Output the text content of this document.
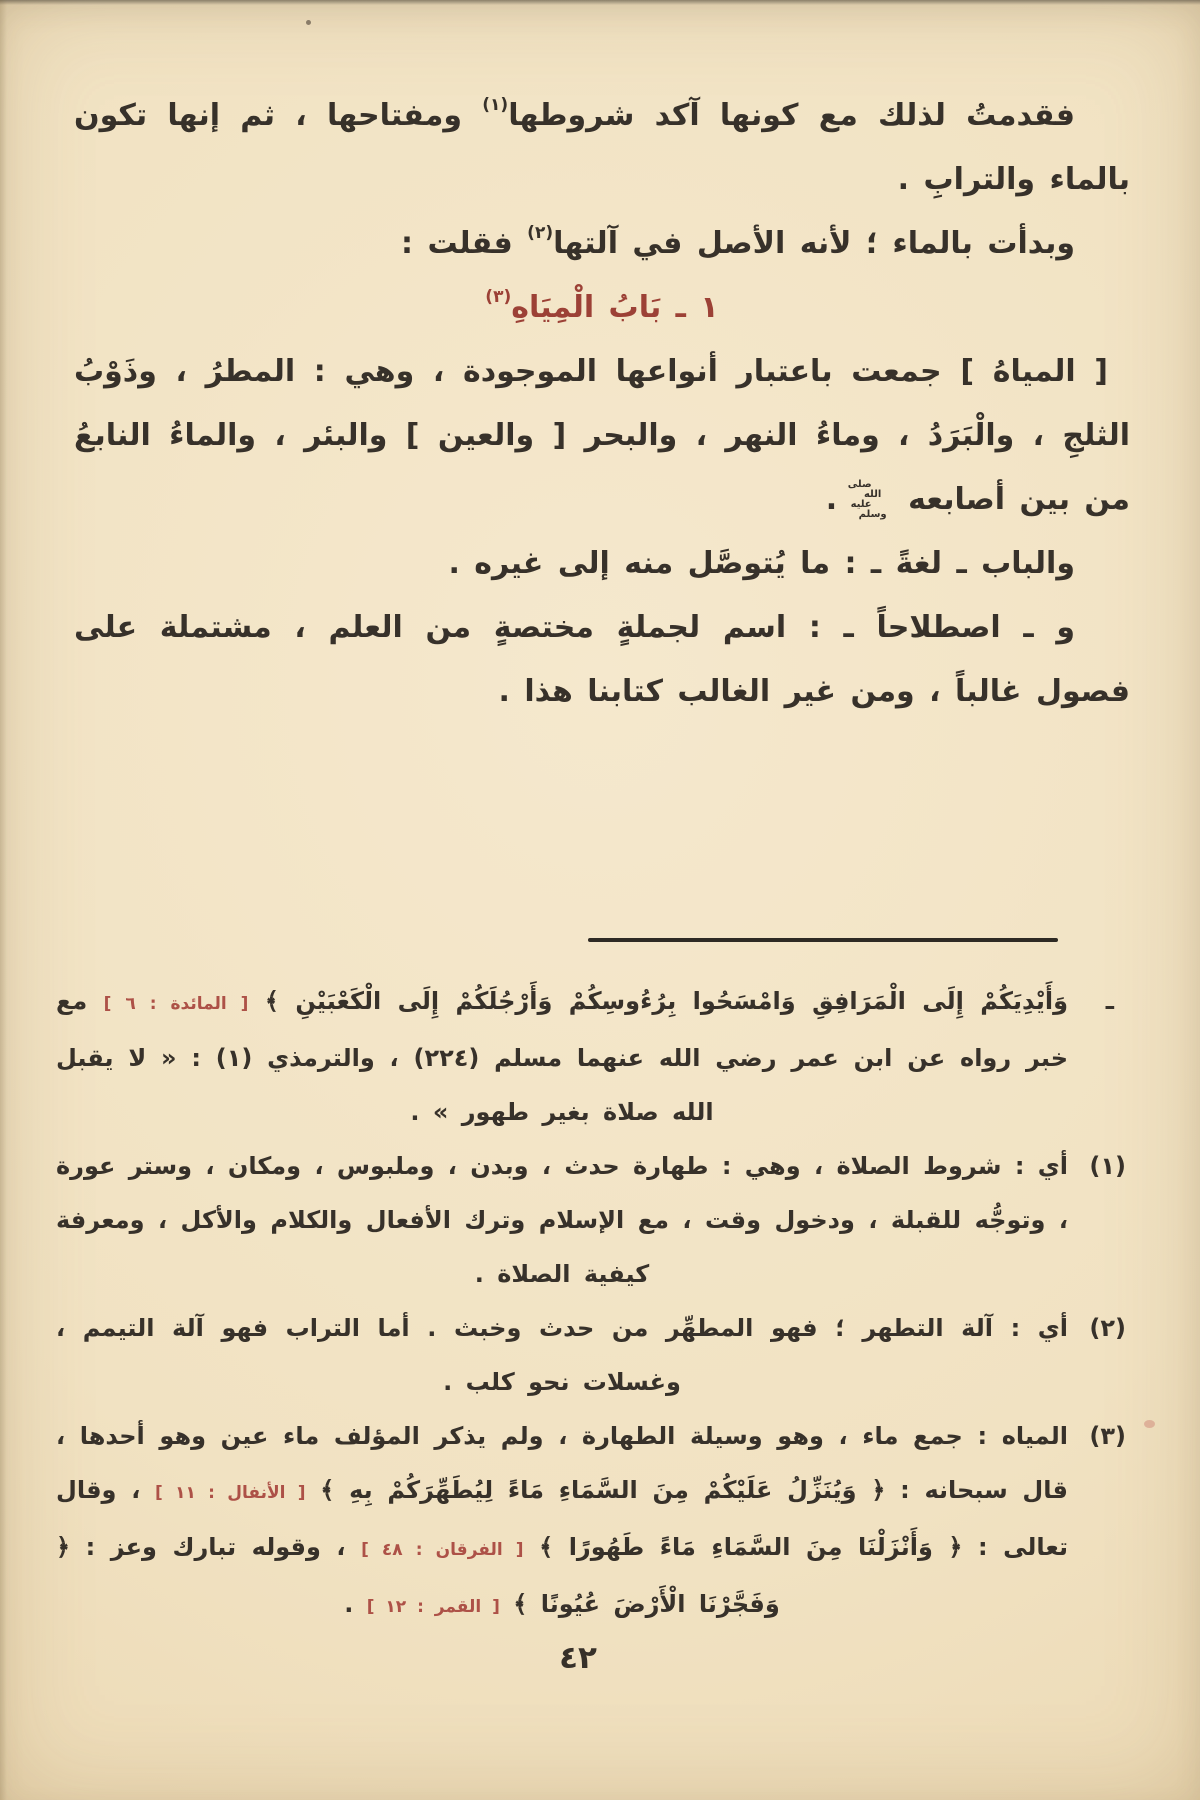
فقدمتُ لذلك مع كونها آكد شروطها$^{(١)}$ ومفتاحها ، ثم إنها تكون بالماء والترابِ .

وبدأت بالماء ؛ لأنه الأصل في آلتها$^{(٢)}$ فقلت :

١ ـ بَابُ الْمِيَاهِ$^{(٣)}$

[ المياهُ ] جمعت باعتبار أنواعها الموجودة ، وهي : المطرُ ، وذَوْبُ الثلجِ ، والْبَرَدُ ، وماءُ النهر ، والبحر [ والعين ] والبئر ، والماءُ النابعُ من بين أصابعه
صلى الله
عليه وسلم
.

والباب ـ لغةً ـ : ما يُتوصَّل منه إلى غيره .

و ـ اصطلاحاً ـ : اسم لجملةٍ مختصةٍ من العلم ، مشتملة على فصول غالباً ، ومن غير الغالب كتابنا هذا .

ـ
وَأَيْدِيَكُمْ إِلَى الْمَرَافِقِ وَامْسَحُوا بِرُءُوسِكُمْ وَأَرْجُلَكُمْ إِلَى الْكَعْبَيْنِ ﴾ [ المائدة : ٦ ] مع خبر رواه عن ابن عمر رضي الله عنهما مسلم (٢٢٤) ، والترمذي (١) : « لا يقبل الله صلاة بغير طهور » .

(١)
أي : شروط الصلاة ، وهي : طهارة حدث ، وبدن ، وملبوس ، ومكان ، وستر عورة ، وتوجُّه للقبلة ، ودخول وقت ، مع الإسلام وترك الأفعال والكلام والأكل ، ومعرفة كيفية الصلاة .

(٢)
أي : آلة التطهر ؛ فهو المطهِّر من حدث وخبث . أما التراب فهو آلة التيمم ، وغسلات نحو كلب .

(٣)
المياه : جمع ماء ، وهو وسيلة الطهارة ، ولم يذكر المؤلف ماء عين وهو أحدها ، قال سبحانه : ﴿ وَيُنَزِّلُ عَلَيْكُمْ مِنَ السَّمَاءِ مَاءً لِيُطَهِّرَكُمْ بِهِ ﴾ [ الأنفال : ١١ ] ، وقال تعالى : ﴿ وَأَنْزَلْنَا مِنَ السَّمَاءِ مَاءً طَهُورًا ﴾ [ الفرقان : ٤٨ ] ، وقوله تبارك وعز : ﴿ وَفَجَّرْنَا الْأَرْضَ عُيُونًا ﴾ [ القمر : ١٢ ] .

٤٢
